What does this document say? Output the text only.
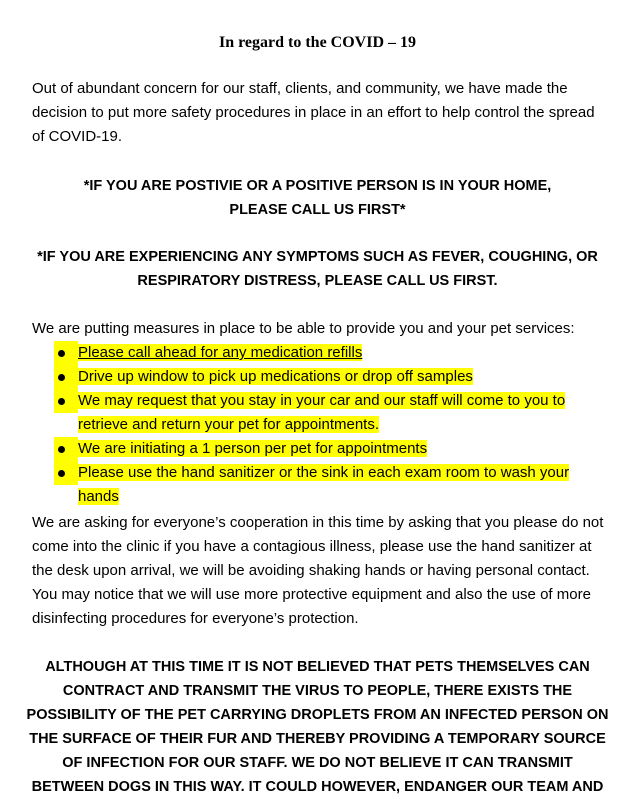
In regard to the COVID – 19
Out of abundant concern for our staff, clients, and community, we have made the decision to put more safety procedures in place in an effort to help control the spread of COVID-19.
*IF YOU ARE POSTIVIE OR A POSITIVE PERSON IS IN YOUR HOME,
PLEASE CALL US FIRST*
*IF YOU ARE EXPERIENCING ANY SYMPTOMS SUCH AS FEVER, COUGHING, OR
RESPIRATORY DISTRESS, PLEASE CALL US FIRST.
We are putting measures in place to be able to provide you and your pet services:

Please call ahead for any medication refills

Drive up window to pick up medications or drop off samples

We may request that you stay in your car and our staff will come to you to retrieve and return your pet for appointments.

We are initiating a 1 person per pet for appointments

Please use the hand sanitizer or the sink in each exam room to wash your hands
We are asking for everyone’s cooperation in this time by asking that you please do not come into the clinic if you have a contagious illness, please use the hand sanitizer at the desk upon arrival, we will be avoiding shaking hands or having personal contact. You may notice that we will use more protective equipment and also the use of more disinfecting procedures for everyone’s protection.
ALTHOUGH AT THIS TIME IT IS NOT BELIEVED THAT PETS THEMSELVES CAN
CONTRACT AND TRANSMIT THE VIRUS TO PEOPLE, THERE EXISTS THE
POSSIBILITY OF THE PET CARRYING DROPLETS FROM AN INFECTED PERSON ON
THE SURFACE OF THEIR FUR AND THEREBY PROVIDING A TEMPORARY SOURCE
OF INFECTION FOR OUR STAFF. WE DO NOT BELIEVE IT CAN TRANSMIT
BETWEEN DOGS IN THIS WAY. IT COULD HOWEVER, ENDANGER OUR TEAM AND
